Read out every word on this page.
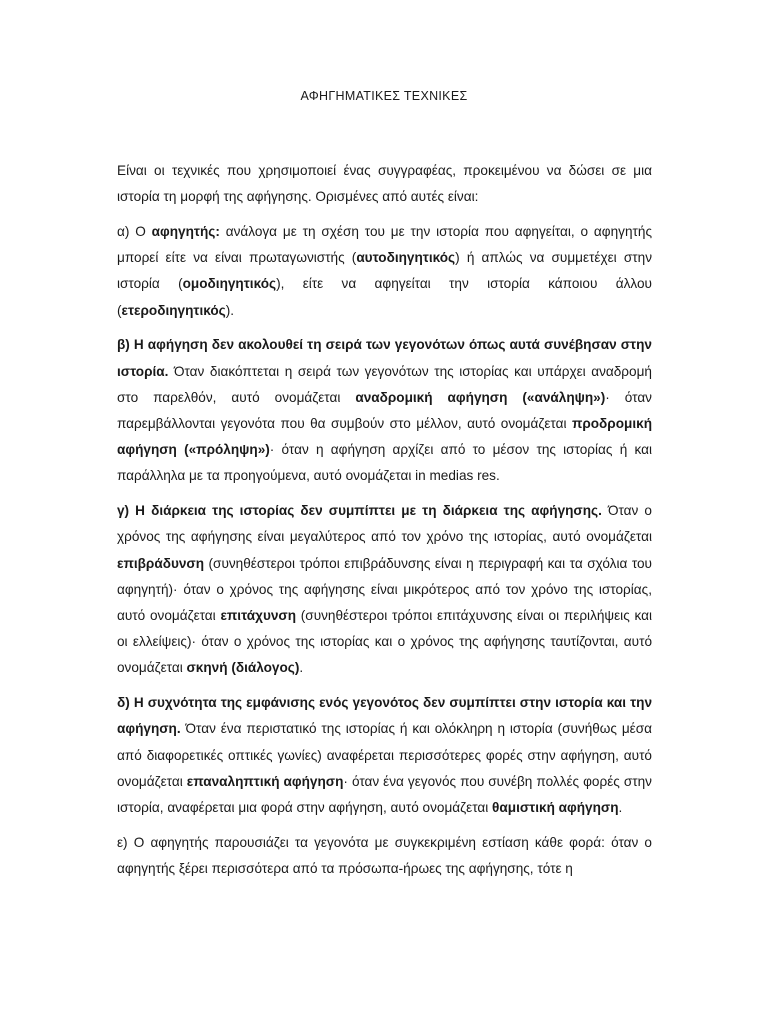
ΑΦΗΓΗΜΑΤΙΚΕΣ ΤΕΧΝΙΚΕΣ

Είναι οι τεχνικές που χρησιμοποιεί ένας συγγραφέας, προκειμένου να δώσει σε μια ιστορία τη μορφή της αφήγησης. Ορισμένες από αυτές είναι:

α) Ο αφηγητής: ανάλογα με τη σχέση του με την ιστορία που αφηγείται, ο αφηγητής μπορεί είτε να είναι πρωταγωνιστής (αυτοδιηγητικός) ή απλώς να συμμετέχει στην ιστορία (ομοδιηγητικός), είτε να αφηγείται την ιστορία κάποιου άλλου (ετεροδιηγητικός).

β) Η αφήγηση δεν ακολουθεί τη σειρά των γεγονότων όπως αυτά συνέβησαν στην ιστορία. Όταν διακόπτεται η σειρά των γεγονότων της ιστορίας και υπάρχει αναδρομή στο παρελθόν, αυτό ονομάζεται αναδρομική αφήγηση («ανάληψη»)· όταν παρεμβάλλονται γεγονότα που θα συμβούν στο μέλλον, αυτό ονομάζεται προδρομική αφήγηση («πρόληψη»)· όταν η αφήγηση αρχίζει από το μέσον της ιστορίας ή και παράλληλα με τα προηγούμενα, αυτό ονομάζεται in medias res.

γ) Η διάρκεια της ιστορίας δεν συμπίπτει με τη διάρκεια της αφήγησης. Όταν ο χρόνος της αφήγησης είναι μεγαλύτερος από τον χρόνο της ιστορίας, αυτό ονομάζεται επιβράδυνση (συνηθέστεροι τρόποι επιβράδυνσης είναι η περιγραφή και τα σχόλια του αφηγητή)· όταν ο χρόνος της αφήγησης είναι μικρότερος από τον χρόνο της ιστορίας, αυτό ονομάζεται επιτάχυνση (συνηθέστεροι τρόποι επιτάχυνσης είναι οι περιλήψεις και οι ελλείψεις)· όταν ο χρόνος της ιστορίας και ο χρόνος της αφήγησης ταυτίζονται, αυτό ονομάζεται σκηνή (διάλογος).

δ) Η συχνότητα της εμφάνισης ενός γεγονότος δεν συμπίπτει στην ιστορία και την αφήγηση. Όταν ένα περιστατικό της ιστορίας ή και ολόκληρη η ιστορία (συνήθως μέσα από διαφορετικές οπτικές γωνίες) αναφέρεται περισσότερες φορές στην αφήγηση, αυτό ονομάζεται επαναληπτική αφήγηση· όταν ένα γεγονός που συνέβη πολλές φορές στην ιστορία, αναφέρεται μια φορά στην αφήγηση, αυτό ονομάζεται θαμιστική αφήγηση.

ε) Ο αφηγητής παρουσιάζει τα γεγονότα με συγκεκριμένη εστίαση κάθε φορά: όταν ο αφηγητής ξέρει περισσότερα από τα πρόσωπα-ήρωες της αφήγησης, τότε η
